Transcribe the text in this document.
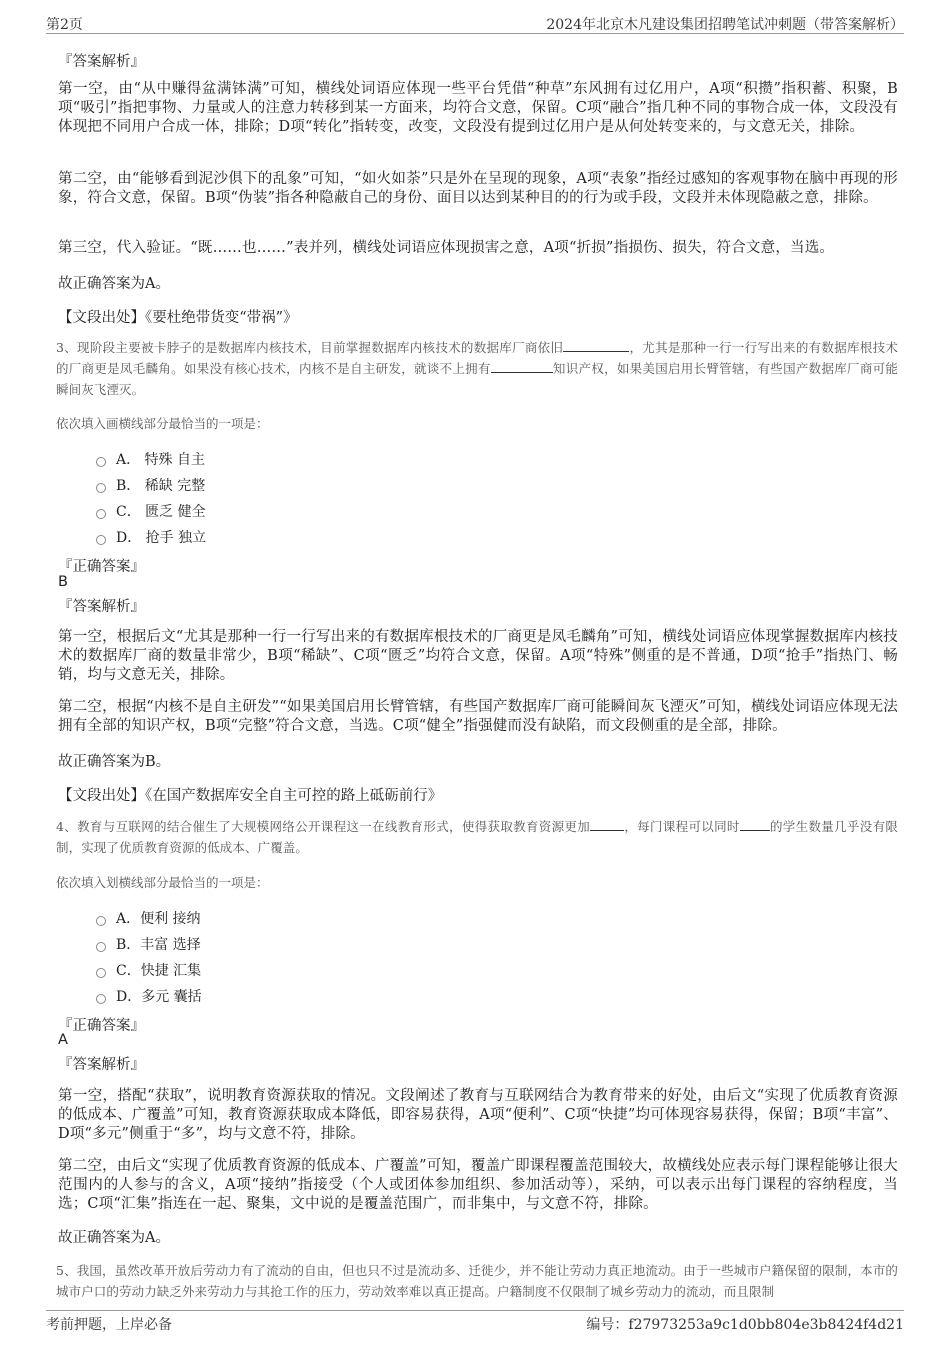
第2页	2024年北京木凡建设集团招聘笔试冲刺题（带答案解析）
『答案解析』

第一空，由“从中赚得盆满钵满”可知，横线处词语应体现一些平台凭借“种草”东风拥有过亿用户，A项“积攒”指积蓄、积聚，B项“吸引”指把事物、力量或人的注意力转移到某一方面来，均符合文意，保留。C项“融合”指几种不同的事物合成一体，文段没有体现把不同用户合成一体，排除；D项“转化”指转变，改变，文段没有提到过亿用户是从何处转变来的，与文意无关，排除。

第二空，由“能够看到泥沙俱下的乱象”可知，“如火如荼”只是外在呈现的现象，A项“表象”指经过感知的客观事物在脑中再现的形象，符合文意，保留。B项“伪装”指各种隐蔽自己的身份、面目以达到某种目的的行为或手段，文段并未体现隐蔽之意，排除。

第三空，代入验证。“既……也……”表并列，横线处词语应体现损害之意，A项“折损”指损伤、损失，符合文意，当选。

故正确答案为A。
【文段出处】《要杜绝带货变“带祸”》

3、现阶段主要被卡脖子的是数据库内核技术，目前掌握数据库内核技术的数据库厂商依旧	，尤其是那种一行一行写出来的有数据库根技术的厂商更是凤毛麟角。如果没有核心技术，内核不是自主研发，就谈不上拥有	知识产权，如果美国启用长臂管辖，有些国产数据库厂商可能瞬间灰飞湮灭。

依次填入画横线部分最恰当的一项是：
A． 特殊 自主
B． 稀缺 完整
C． 匮乏 健全
D． 抢手 独立
『正确答案』
B
『答案解析』

第一空，根据后文“尤其是那种一行一行写出来的有数据库根技术的厂商更是凤毛麟角”可知，横线处词语应体现掌握数据库内核技术的数据库厂商的数量非常少，B项“稀缺”、C项“匮乏”均符合文意，保留。A项“特殊”侧重的是不普通，D项“抢手”指热门、畅销，均与文意无关，排除。

第二空，根据“内核不是自主研发”“如果美国启用长臂管辖，有些国产数据库厂商可能瞬间灰飞湮灭”可知，横线处词语应体现无法拥有全部的知识产权，B项“完整”符合文意，当选。C项“健全”指强健而没有缺陷，而文段侧重的是全部，排除。

故正确答案为B。
【文段出处】《在国产数据库安全自主可控的路上砥砺前行》

4、教育与互联网的结合催生了大规模网络公开课程这一在线教育形式，使得获取教育资源更加	，每门课程可以同时 的学生数量几乎没有限制，实现了优质教育资源的低成本、广覆盖。

依次填入划横线部分最恰当的一项是：
A．便利 接纳
B．丰富 选择
C．快捷 汇集
D．多元 囊括
『正确答案』
A
『答案解析』

第一空，搭配“获取”，说明教育资源获取的情况。文段阐述了教育与互联网结合为教育带来的好处，由后文“实现了优质教育资源的低成本、广覆盖”可知，教育资源获取成本降低，即容易获得，A项“便利”、C项“快捷”均可体现容易获得，保留；B项“丰富”、D项“多元”侧重于“多”，均与文意不符，排除。

第二空，由后文“实现了优质教育资源的低成本、广覆盖”可知，覆盖广即课程覆盖范围较大，故横线处应表示每门课程能够让很大范围内的人参与的含义，A项“接纳”指接受（个人或团体参加组织、参加活动等），采纳，可以表示出每门课程的容纳程度，当选；C项“汇集”指连在一起、聚集，文中说的是覆盖范围广，而非集中，与文意不符，排除。

故正确答案为A。

5、我国，虽然改革开放后劳动力有了流动的自由，但也只不过是流动多、迁徙少，并不能让劳动力真正地流动。由于一些城市户籍保留的限制，本市的城市户口的劳动力缺乏外来劳动力与其抢工作的压力，劳动效率难以真正提高。户籍制度不仅限制了城乡劳动力的流动，而且限制

考前押题，上岸必备	编号：f27973253a9c1d0bb804e3b8424f4d21
